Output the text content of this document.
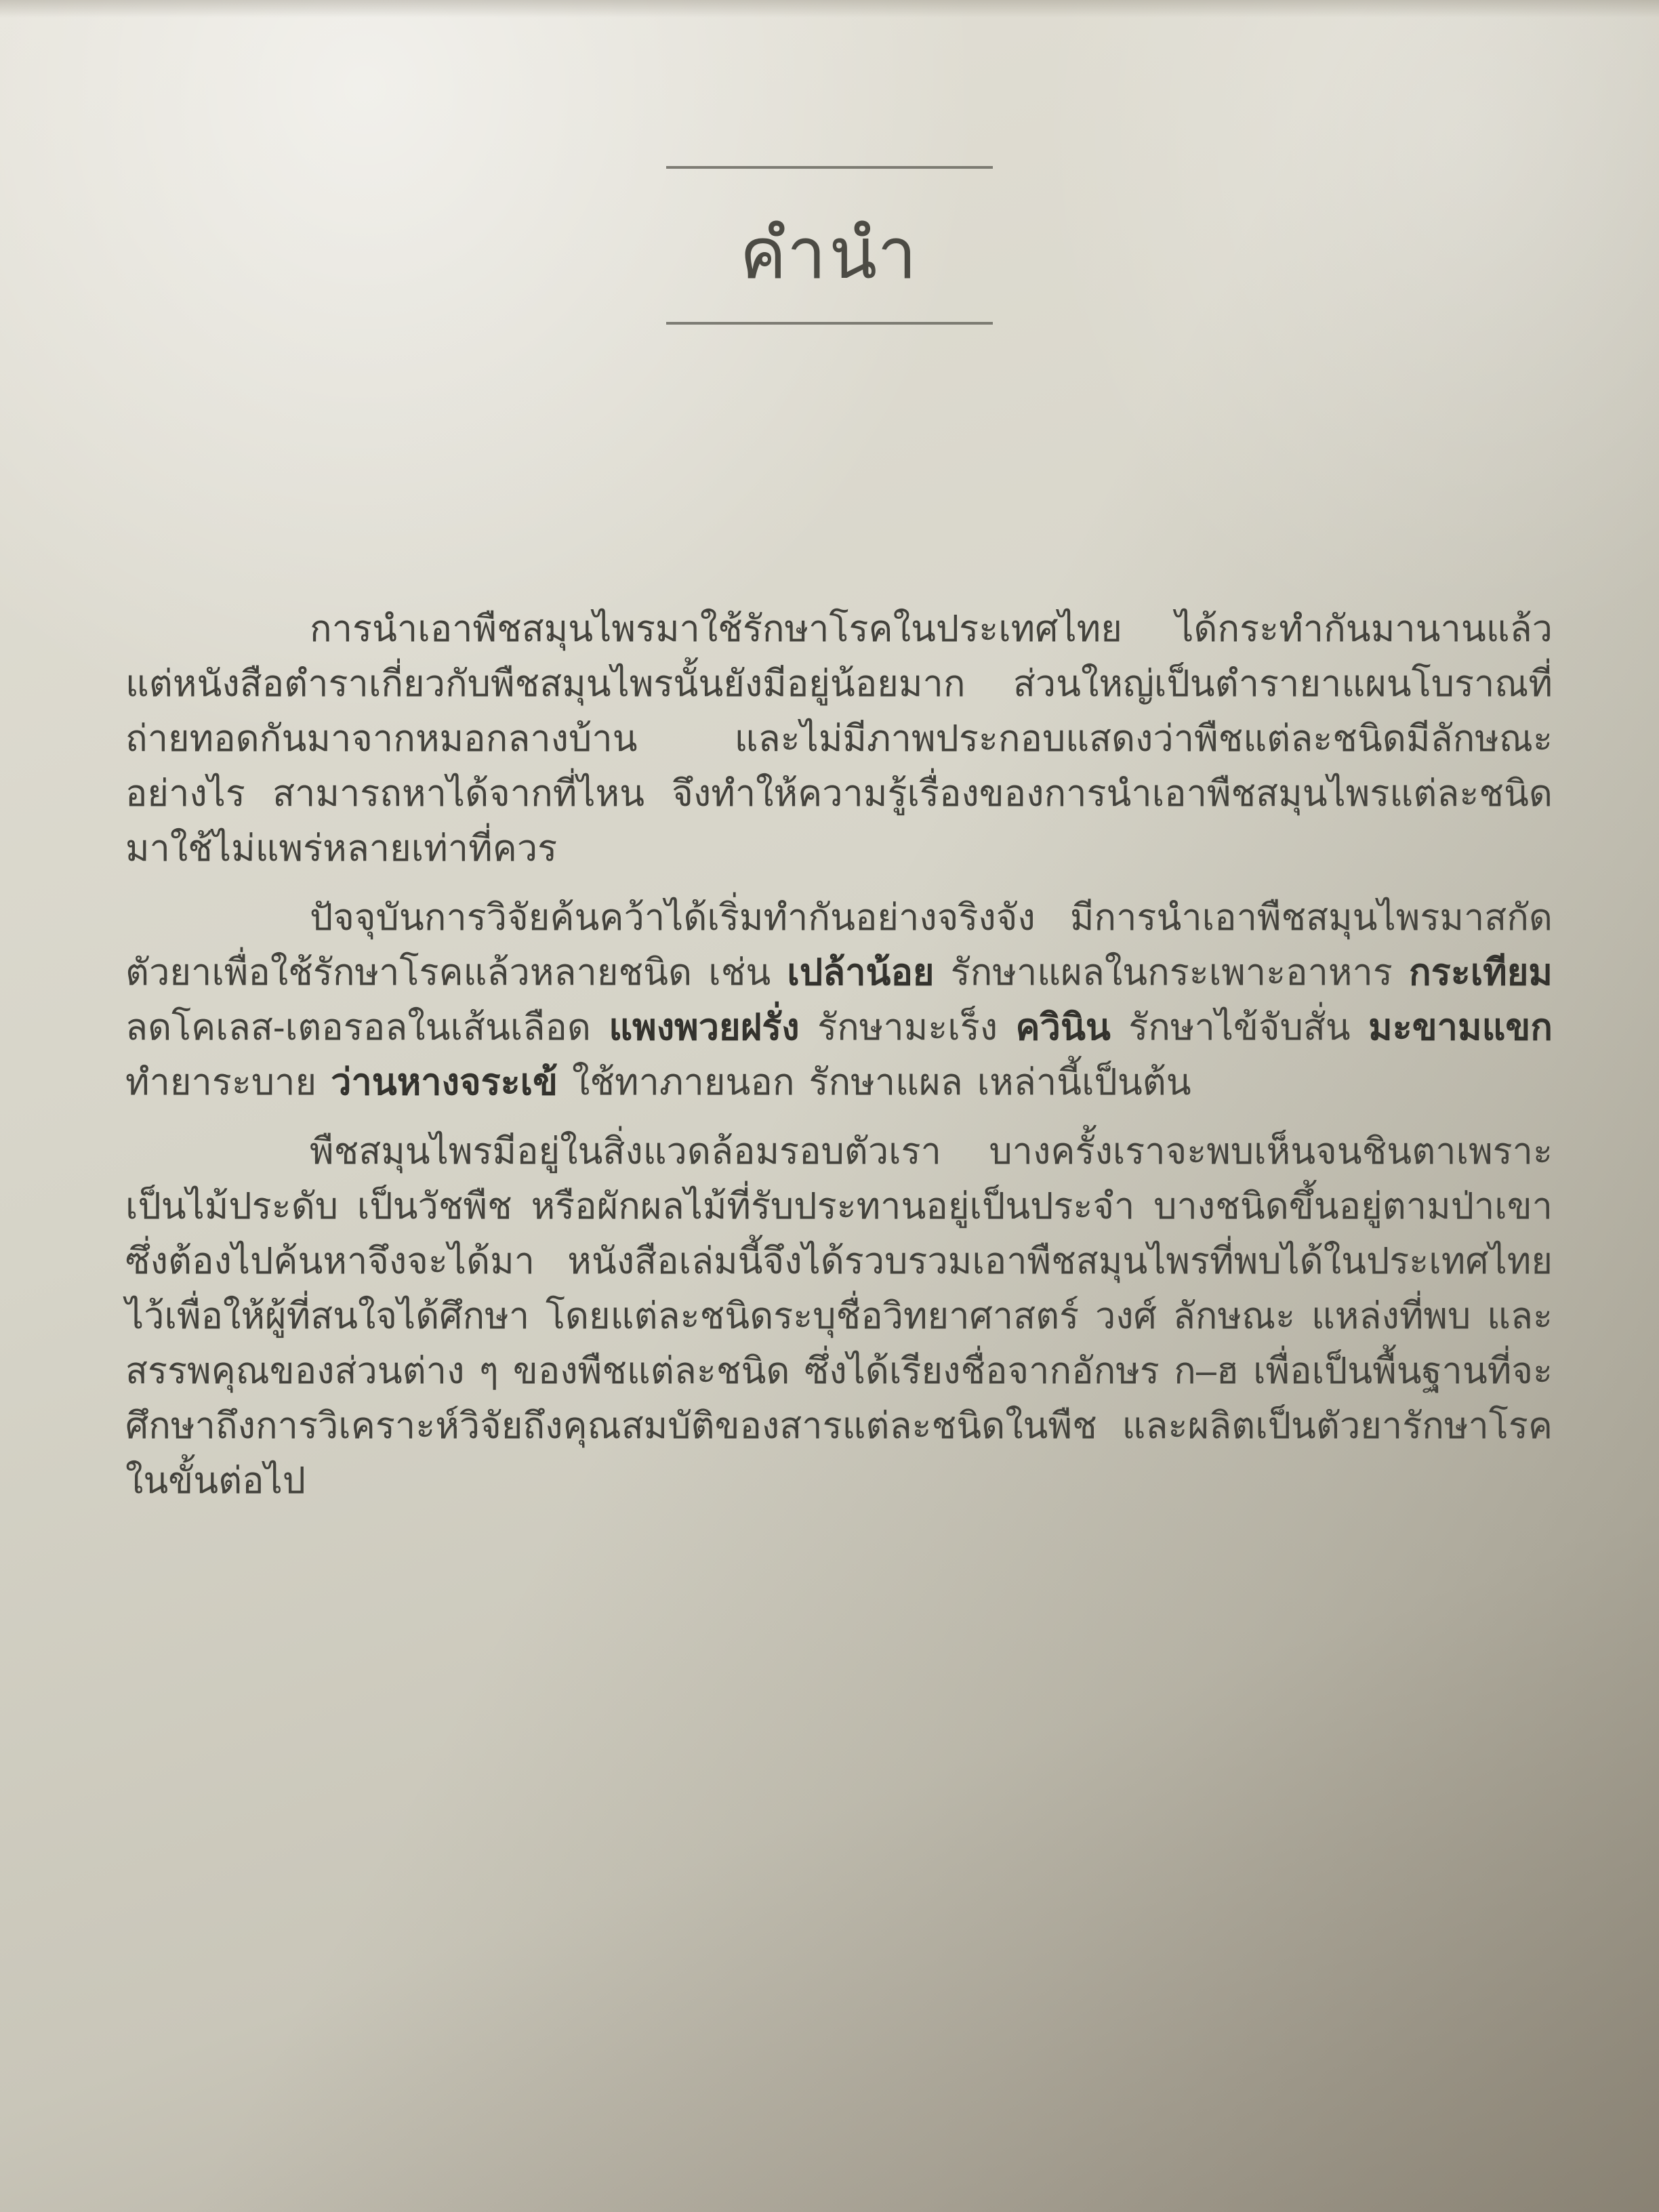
คำนำ

การนำเอาพืชสมุนไพรมาใช้รักษาโรคในประเทศไทย ได้กระทำกันมานานแล้ว แต่หนังสือตำราเกี่ยวกับพืชสมุนไพรนั้นยังมีอยู่น้อยมาก ส่วนใหญ่เป็นตำรายาแผนโบราณที่ถ่ายทอดกันมาจากหมอกลางบ้าน และไม่มีภาพประกอบแสดงว่าพืชแต่ละชนิดมีลักษณะอย่างไร สามารถหาได้จากที่ไหน จึงทำให้ความรู้เรื่องของการนำเอาพืชสมุนไพรแต่ละชนิดมาใช้ไม่แพร่หลายเท่าที่ควร

ปัจจุบันการวิจัยค้นคว้าได้เริ่มทำกันอย่างจริงจัง มีการนำเอาพืชสมุนไพรมาสกัดตัวยาเพื่อใช้รักษาโรคแล้วหลายชนิด เช่น เปล้าน้อย รักษาแผลในกระเพาะอาหาร กระเทียม ลดโคเลส-เตอรอลในเส้นเลือด แพงพวยฝรั่ง รักษามะเร็ง ควินิน รักษาไข้จับสั่น มะขามแขก ทำยาระบาย ว่านหางจระเข้ ใช้ทาภายนอก รักษาแผล เหล่านี้เป็นต้น

พืชสมุนไพรมีอยู่ในสิ่งแวดล้อมรอบตัวเรา บางครั้งเราจะพบเห็นจนชินตาเพราะเป็นไม้ประดับ เป็นวัชพืช หรือผักผลไม้ที่รับประทานอยู่เป็นประจำ บางชนิดขึ้นอยู่ตามป่าเขาซึ่งต้องไปค้นหาจึงจะได้มา หนังสือเล่มนี้จึงได้รวบรวมเอาพืชสมุนไพรที่พบได้ในประเทศไทยไว้เพื่อให้ผู้ที่สนใจได้ศึกษา โดยแต่ละชนิดระบุชื่อวิทยาศาสตร์ วงศ์ ลักษณะ แหล่งที่พบ และสรรพคุณของส่วนต่าง ๆ ของพืชแต่ละชนิด ซึ่งได้เรียงชื่อจากอักษร ก–ฮ เพื่อเป็นพื้นฐานที่จะศึกษาถึงการวิเคราะห์วิจัยถึงคุณสมบัติของสารแต่ละชนิดในพืช และผลิตเป็นตัวยารักษาโรคในขั้นต่อไป
